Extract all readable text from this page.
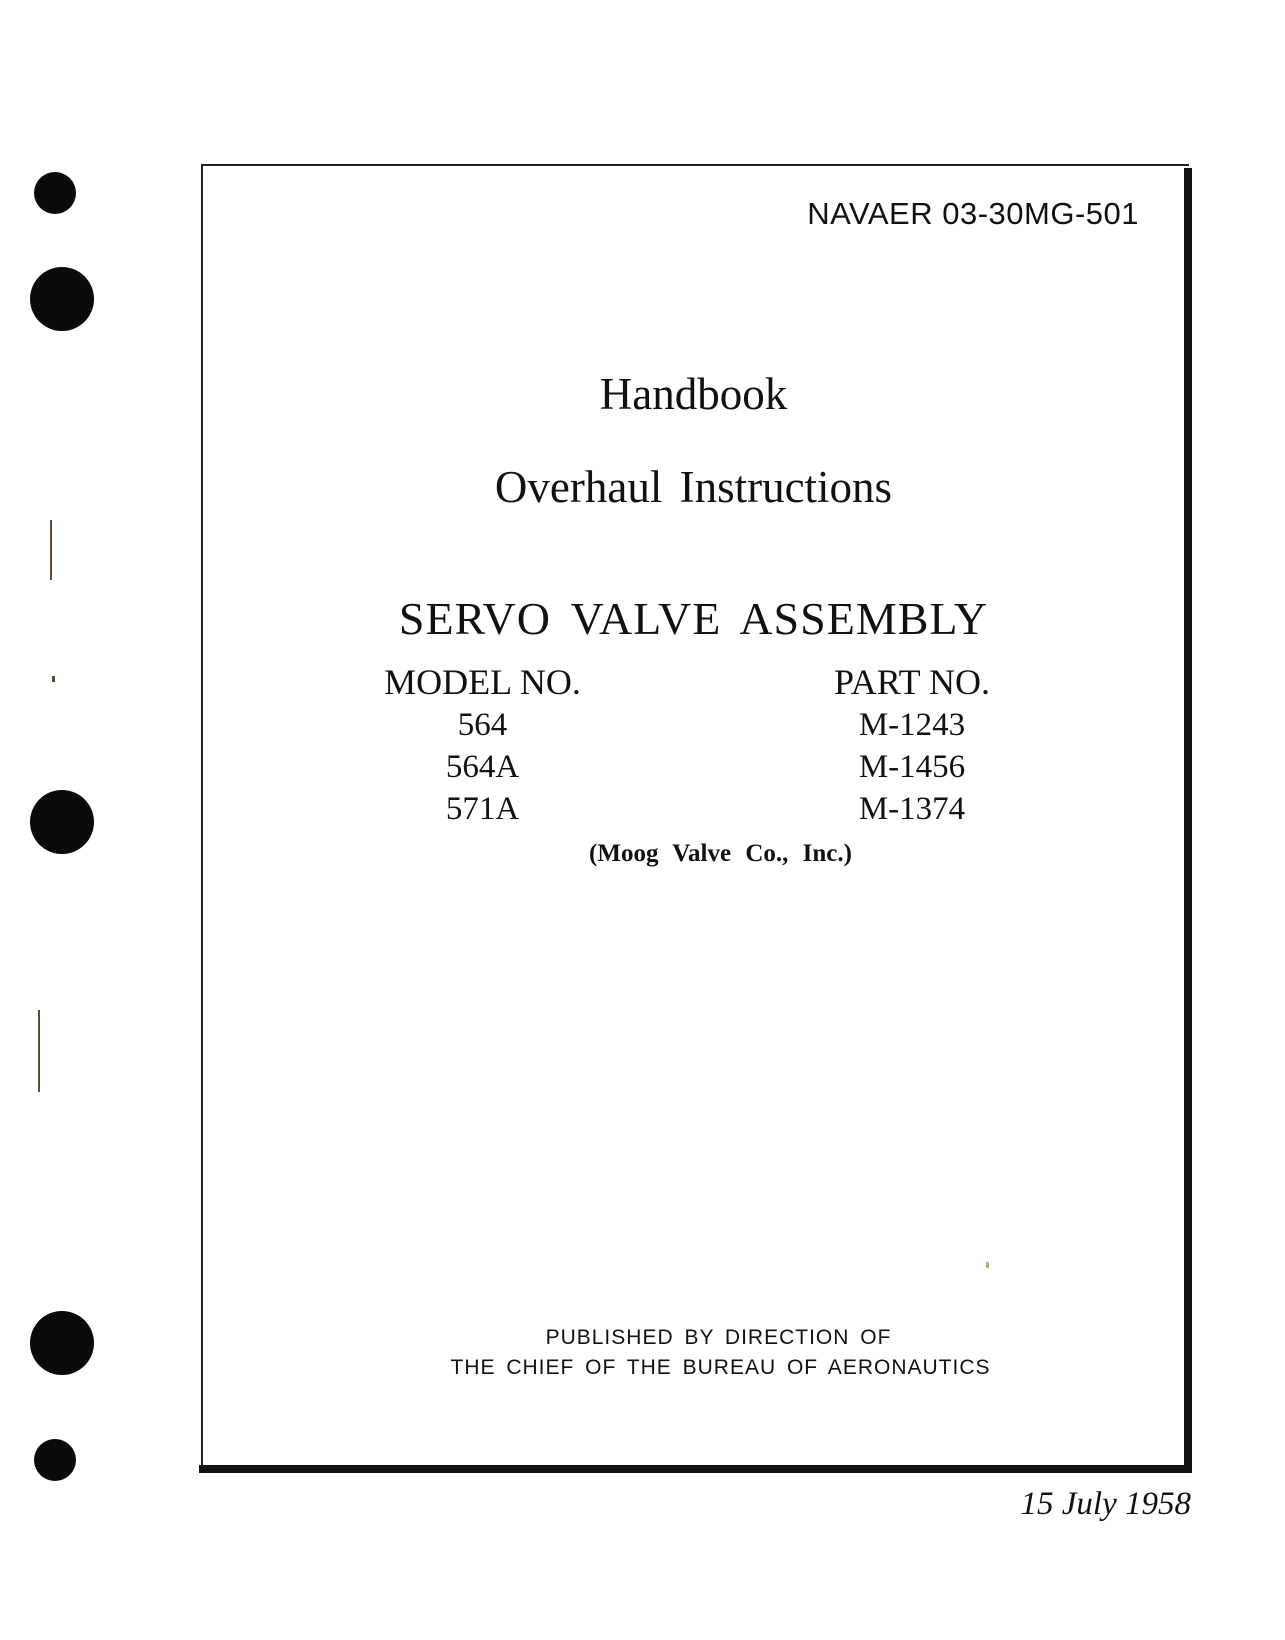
NAVAER 03-30MG-501
Handbook
Overhaul Instructions
SERVO VALVE ASSEMBLY
MODEL NO.
564
564A
571A
PART NO.
M-1243
M-1456
M-1374
(Moog Valve Co., Inc.)
PUBLISHED BY DIRECTION OF
THE CHIEF OF THE BUREAU OF AERONAUTICS
15 July 1958
